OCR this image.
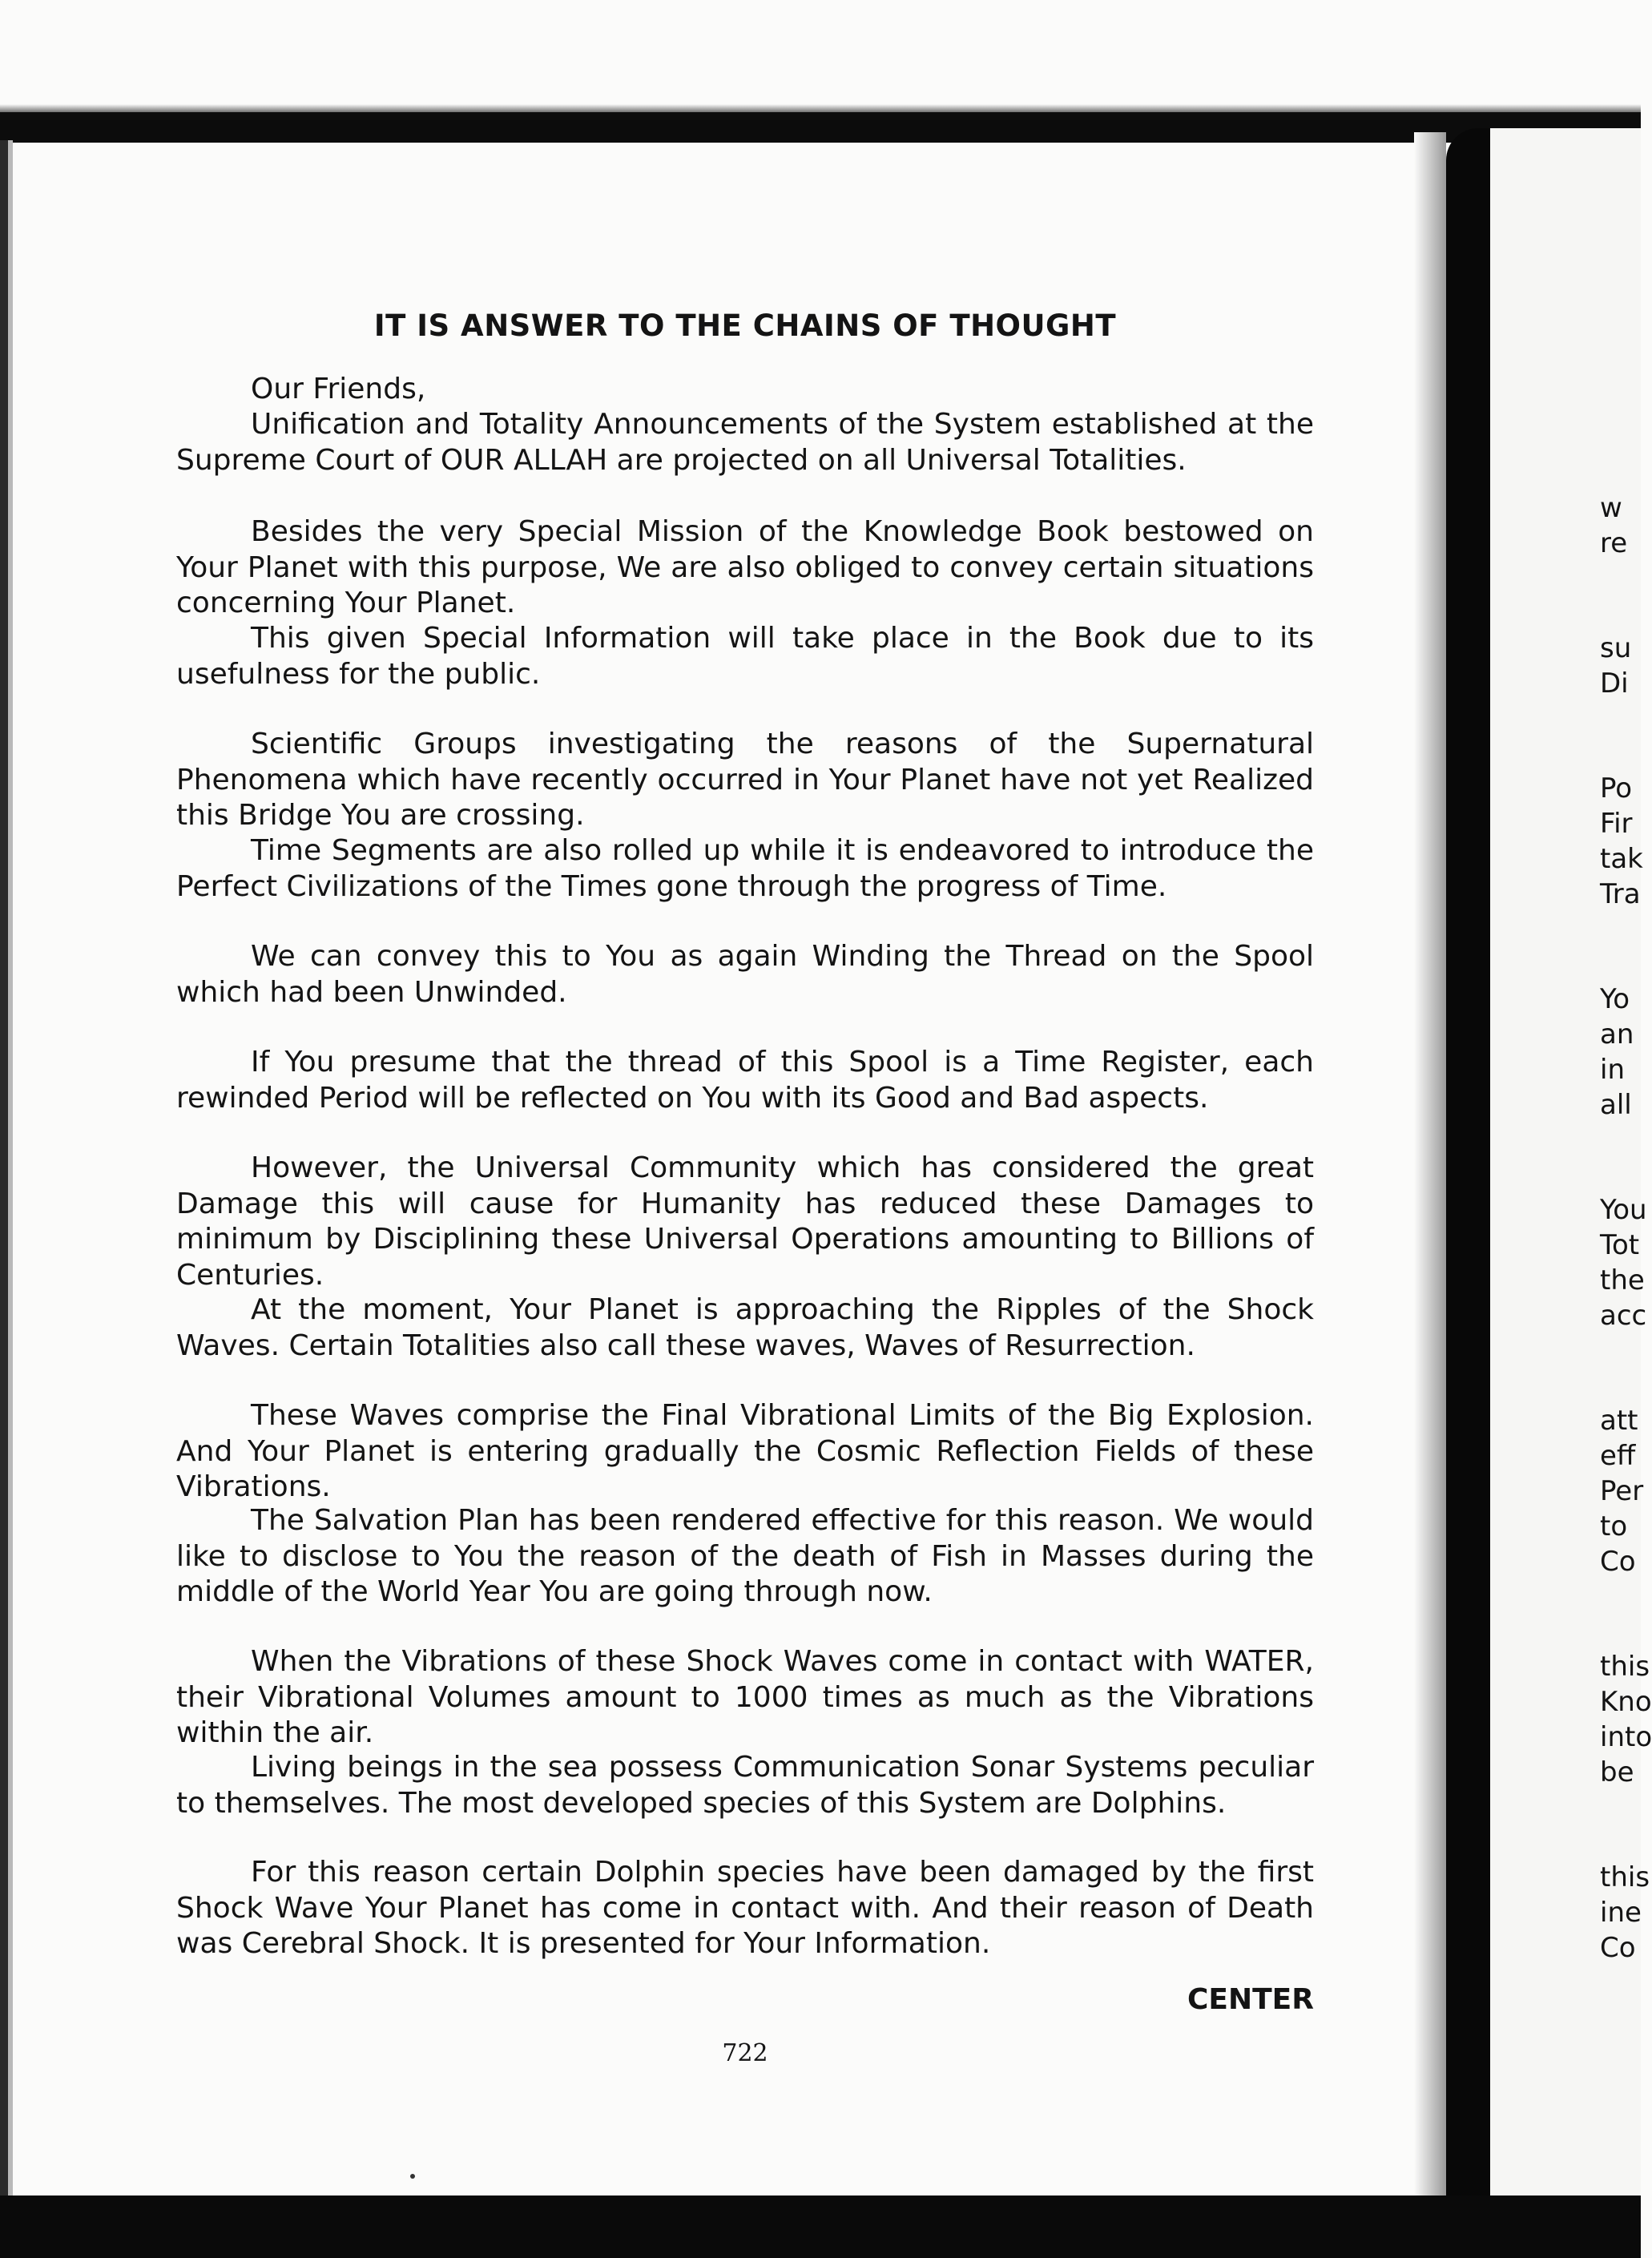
IT IS ANSWER TO THE CHAINS OF THOUGHT
Our Friends,
Unification and Totality Announcements of the System established at the Supreme Court of OUR ALLAH are projected on all Universal Totalities.
Besides the very Special Mission of the Knowledge Book bestowed on Your Planet with this purpose, We are also obliged to convey certain situations concerning Your Planet.
This given Special Information will take place in the Book due to its usefulness for the public.
Scientific Groups investigating the reasons of the Supernatural Phenomena which have recently occurred in Your Planet have not yet Realized this Bridge You are crossing.
Time Segments are also rolled up while it is endeavored to introduce the Perfect Civilizations of the Times gone through the progress of Time.
We can convey this to You as again Winding the Thread on the Spool which had been Unwinded.
If You presume that the thread of this Spool is a Time Register, each rewinded Period will be reflected on You with its Good and Bad aspects.
However, the Universal Community which has considered the great Damage this will cause for Humanity has reduced these Damages to minimum by Disciplining these Universal Operations amounting to Billions of Centuries.
At the moment, Your Planet is approaching the Ripples of the Shock Waves. Certain Totalities also call these waves, Waves of Resurrection.
These Waves comprise the Final Vibrational Limits of the Big Explosion. And Your Planet is entering gradually the Cosmic Reflection Fields of these Vibrations.
The Salvation Plan has been rendered effective for this reason. We would like to disclose to You the reason of the death of Fish in Masses during the middle of the World Year You are going through now.
When the Vibrations of these Shock Waves come in contact with WATER, their Vibrational Volumes amount to 1000 times as much as the Vibrations within the air.
Living beings in the sea possess Communication Sonar Systems peculiar to themselves. The most developed species of this System are Dolphins.
For this reason certain Dolphin species have been damaged by the first Shock Wave Your Planet has come in contact with. And their reason of Death was Cerebral Shock. It is presented for Your Information.
CENTER
722
w
re
su
Di
Po
Fir
tak
Tra
Yo
an
in
all
You
Tot
the
acc
att
eff
Per
to
Co
this
Kno
into
be
this
ine
Co
